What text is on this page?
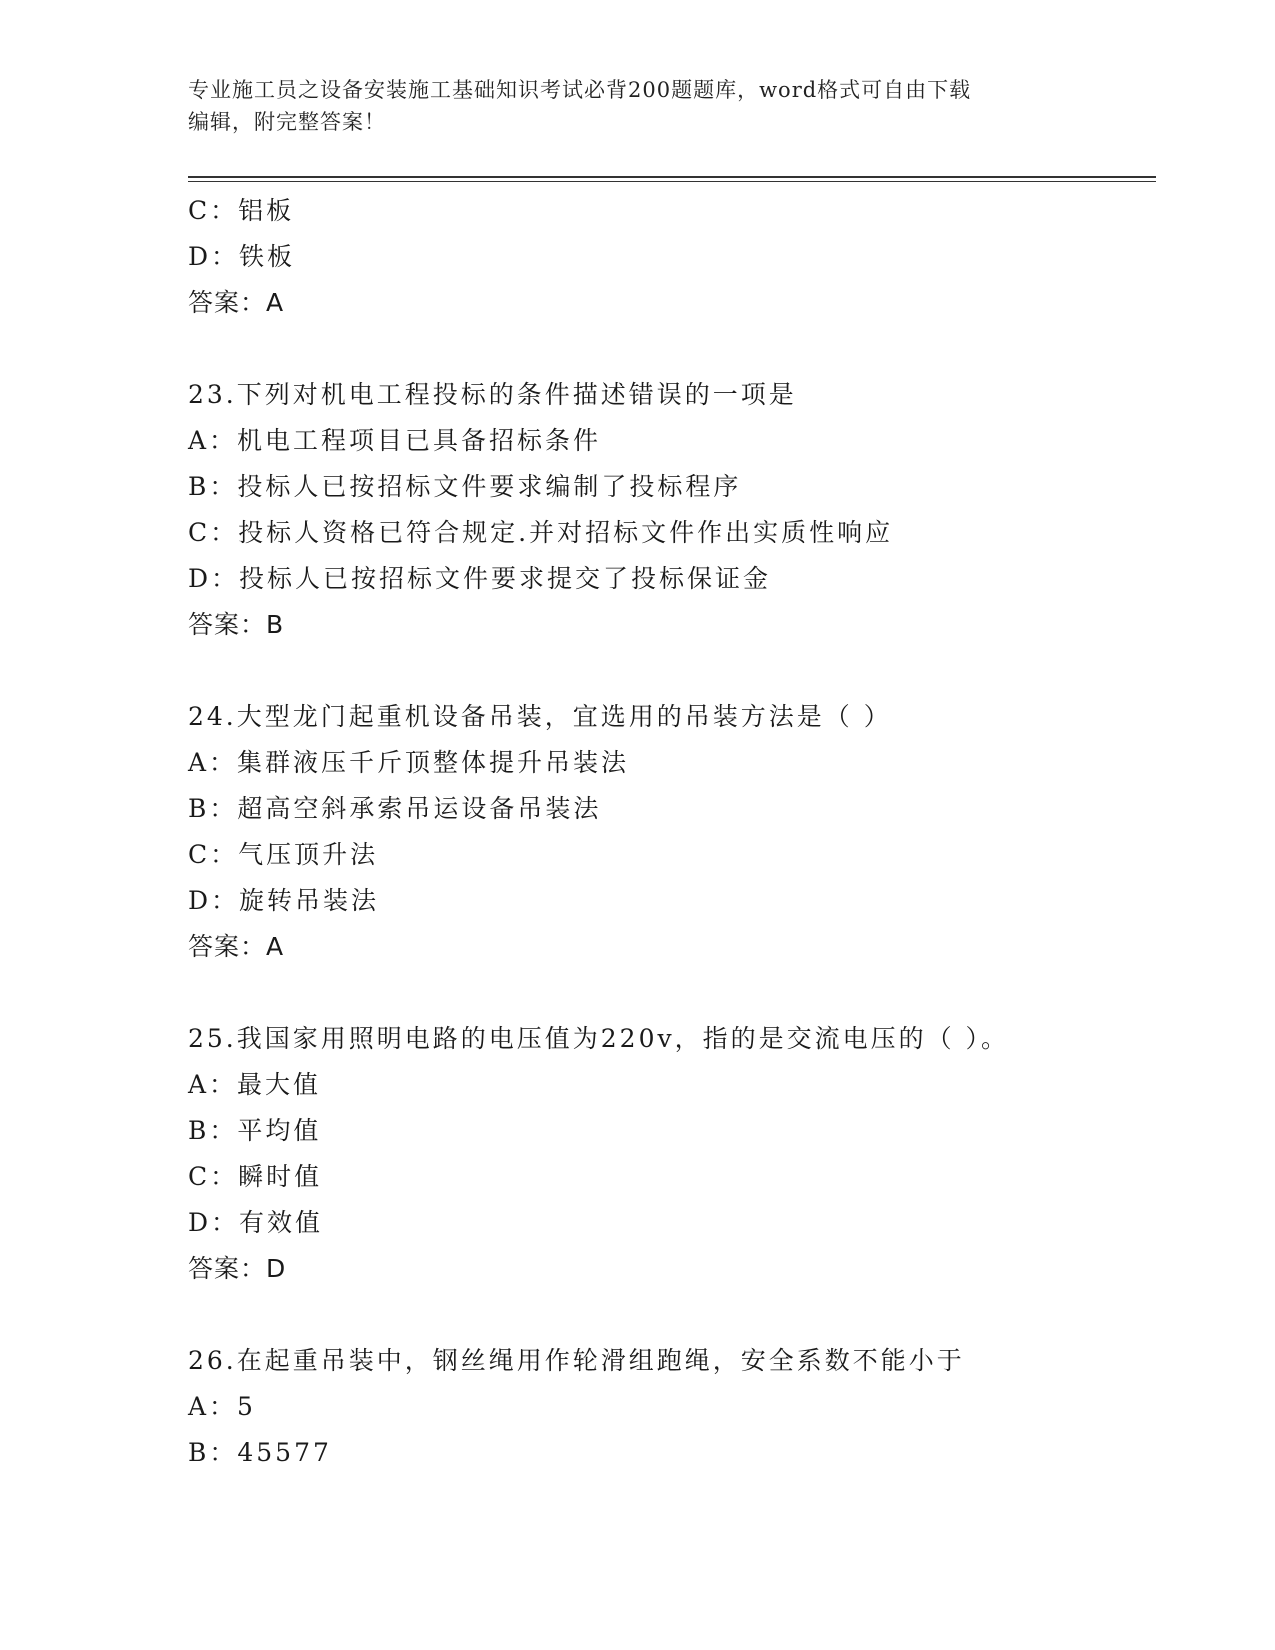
专业施工员之设备安装施工基础知识考试必背200题题库，word格式可自由下载
编辑，附完整答案！
C：铝板
D：铁板
答案：A
23.下列对机电工程投标的条件描述错误的一项是
A：机电工程项目已具备招标条件
B：投标人已按招标文件要求编制了投标程序
C：投标人资格已符合规定.并对招标文件作出实质性响应
D：投标人已按招标文件要求提交了投标保证金
答案：B
24.大型龙门起重机设备吊装，宜选用的吊装方法是（ ）
A：集群液压千斤顶整体提升吊装法
B：超高空斜承索吊运设备吊装法
C：气压顶升法
D：旋转吊装法
答案：A
25.我国家用照明电路的电压值为220v，指的是交流电压的（ ）。
A：最大值
B：平均值
C：瞬时值
D：有效值
答案：D
26.在起重吊装中，钢丝绳用作轮滑组跑绳，安全系数不能小于
A：5
B：45577
